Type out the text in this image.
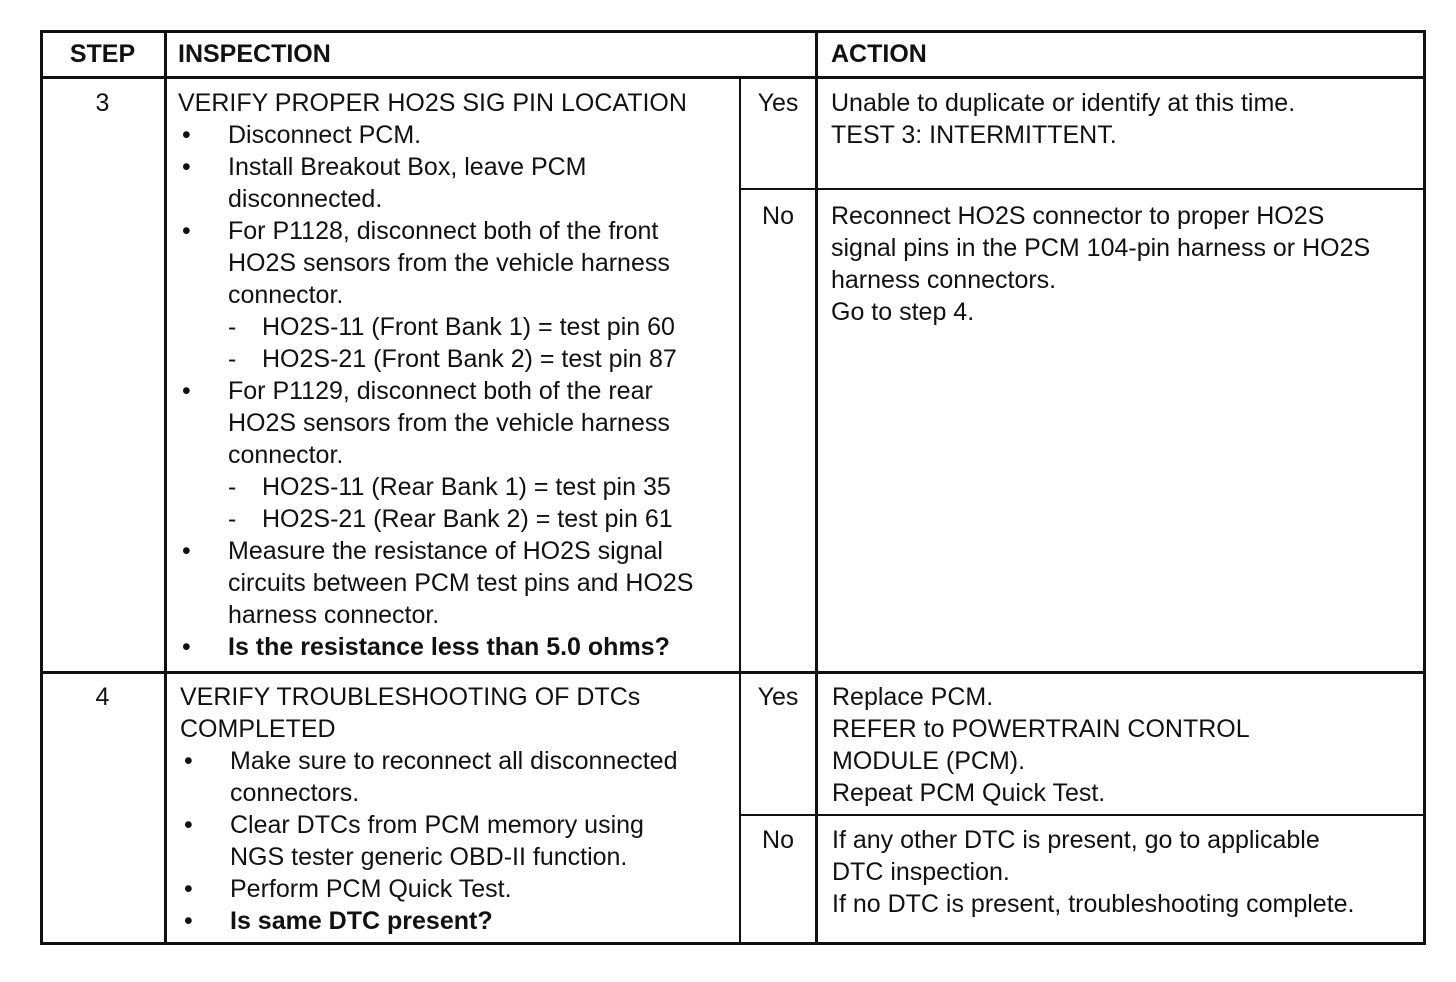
STEP	INSPECTION	ACTION
3	VERIFY PROPER HO2S SIG PIN LOCATION
• Disconnect PCM.
• Install Breakout Box, leave PCM
disconnected.
• For P1128, disconnect both of the front
HO2S sensors from the vehicle harness
connector.
- HO2S-11 (Front Bank 1) = test pin 60
- HO2S-21 (Front Bank 2) = test pin 87
• For P1129, disconnect both of the rear
HO2S sensors from the vehicle harness
connector.
- HO2S-11 (Rear Bank 1) = test pin 35
- HO2S-21 (Rear Bank 2) = test pin 61
• Measure the resistance of HO2S signal
circuits between PCM test pins and HO2S
harness connector.
• Is the resistance less than 5.0 ohms?
Yes	Unable to duplicate or identify at this time.
TEST 3: INTERMITTENT.
No	Reconnect HO2S connector to proper HO2S
signal pins in the PCM 104-pin harness or HO2S
harness connectors.
Go to step 4.
4	VERIFY TROUBLESHOOTING OF DTCs
COMPLETED
• Make sure to reconnect all disconnected
connectors.
• Clear DTCs from PCM memory using
NGS tester generic OBD-II function.
• Perform PCM Quick Test.
• Is same DTC present?
Yes	Replace PCM.
REFER to POWERTRAIN CONTROL
MODULE (PCM).
Repeat PCM Quick Test.
No	If any other DTC is present, go to applicable
DTC inspection.
If no DTC is present, troubleshooting complete.
